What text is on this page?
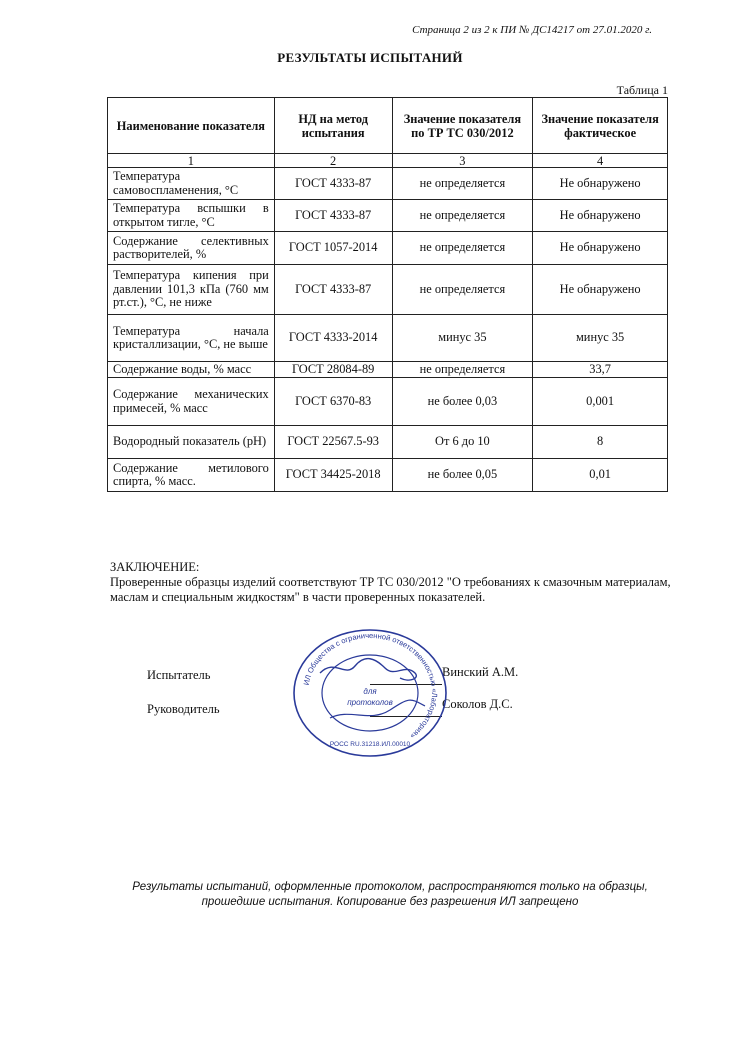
Страница 2 из 2 к ПИ № ДС14217 от 27.01.2020 г.
РЕЗУЛЬТАТЫ ИСПЫТАНИЙ
Таблица 1
Наименование показателя	НД на метод испытания	Значение показателя по ТР ТС 030/2012	Значение показателя фактическое
1	2	3	4
Температура самовоспламенения, °С	ГОСТ 4333-87	не определяется	Не обнаружено
Температура вспышки в открытом тигле, °С	ГОСТ 4333-87	не определяется	Не обнаружено
Содержание селективных растворителей, %	ГОСТ 1057-2014	не определяется	Не обнаружено
Температура кипения при давлении 101,3 кПа (760 мм рт.ст.), °С, не ниже	ГОСТ 4333-87	не определяется	Не обнаружено
Температура начала кристаллизации, °С, не выше	ГОСТ 4333-2014	минус 35	минус 35
Содержание воды, % масс	ГОСТ 28084-89	не определяется	33,7
Содержание механических примесей, % масс	ГОСТ 6370-83	не более 0,03	0,001
Водородный показатель (рН)	ГОСТ 22567.5-93	От 6 до 10	8
Содержание метилового спирта, % масс.	ГОСТ 34425-2018	не более 0,05	0,01
ЗАКЛЮЧЕНИЕ:
Проверенные образцы изделий соответствуют ТР ТС 030/2012 "О требованиях к смазочным материалам, маслам и специальным жидкостям" в части проверенных показателей.
Испытатель	Винский А.М.
Руководитель	Соколов Д.С.
ИЛ Общества с ограниченной ответственностью «Лаборатория»
для
протоколов
РОСС RU.31218.ИЛ.00010
Результаты испытаний, оформленные протоколом, распространяются только на образцы,
прошедшие испытания. Копирование без разрешения ИЛ запрещено
